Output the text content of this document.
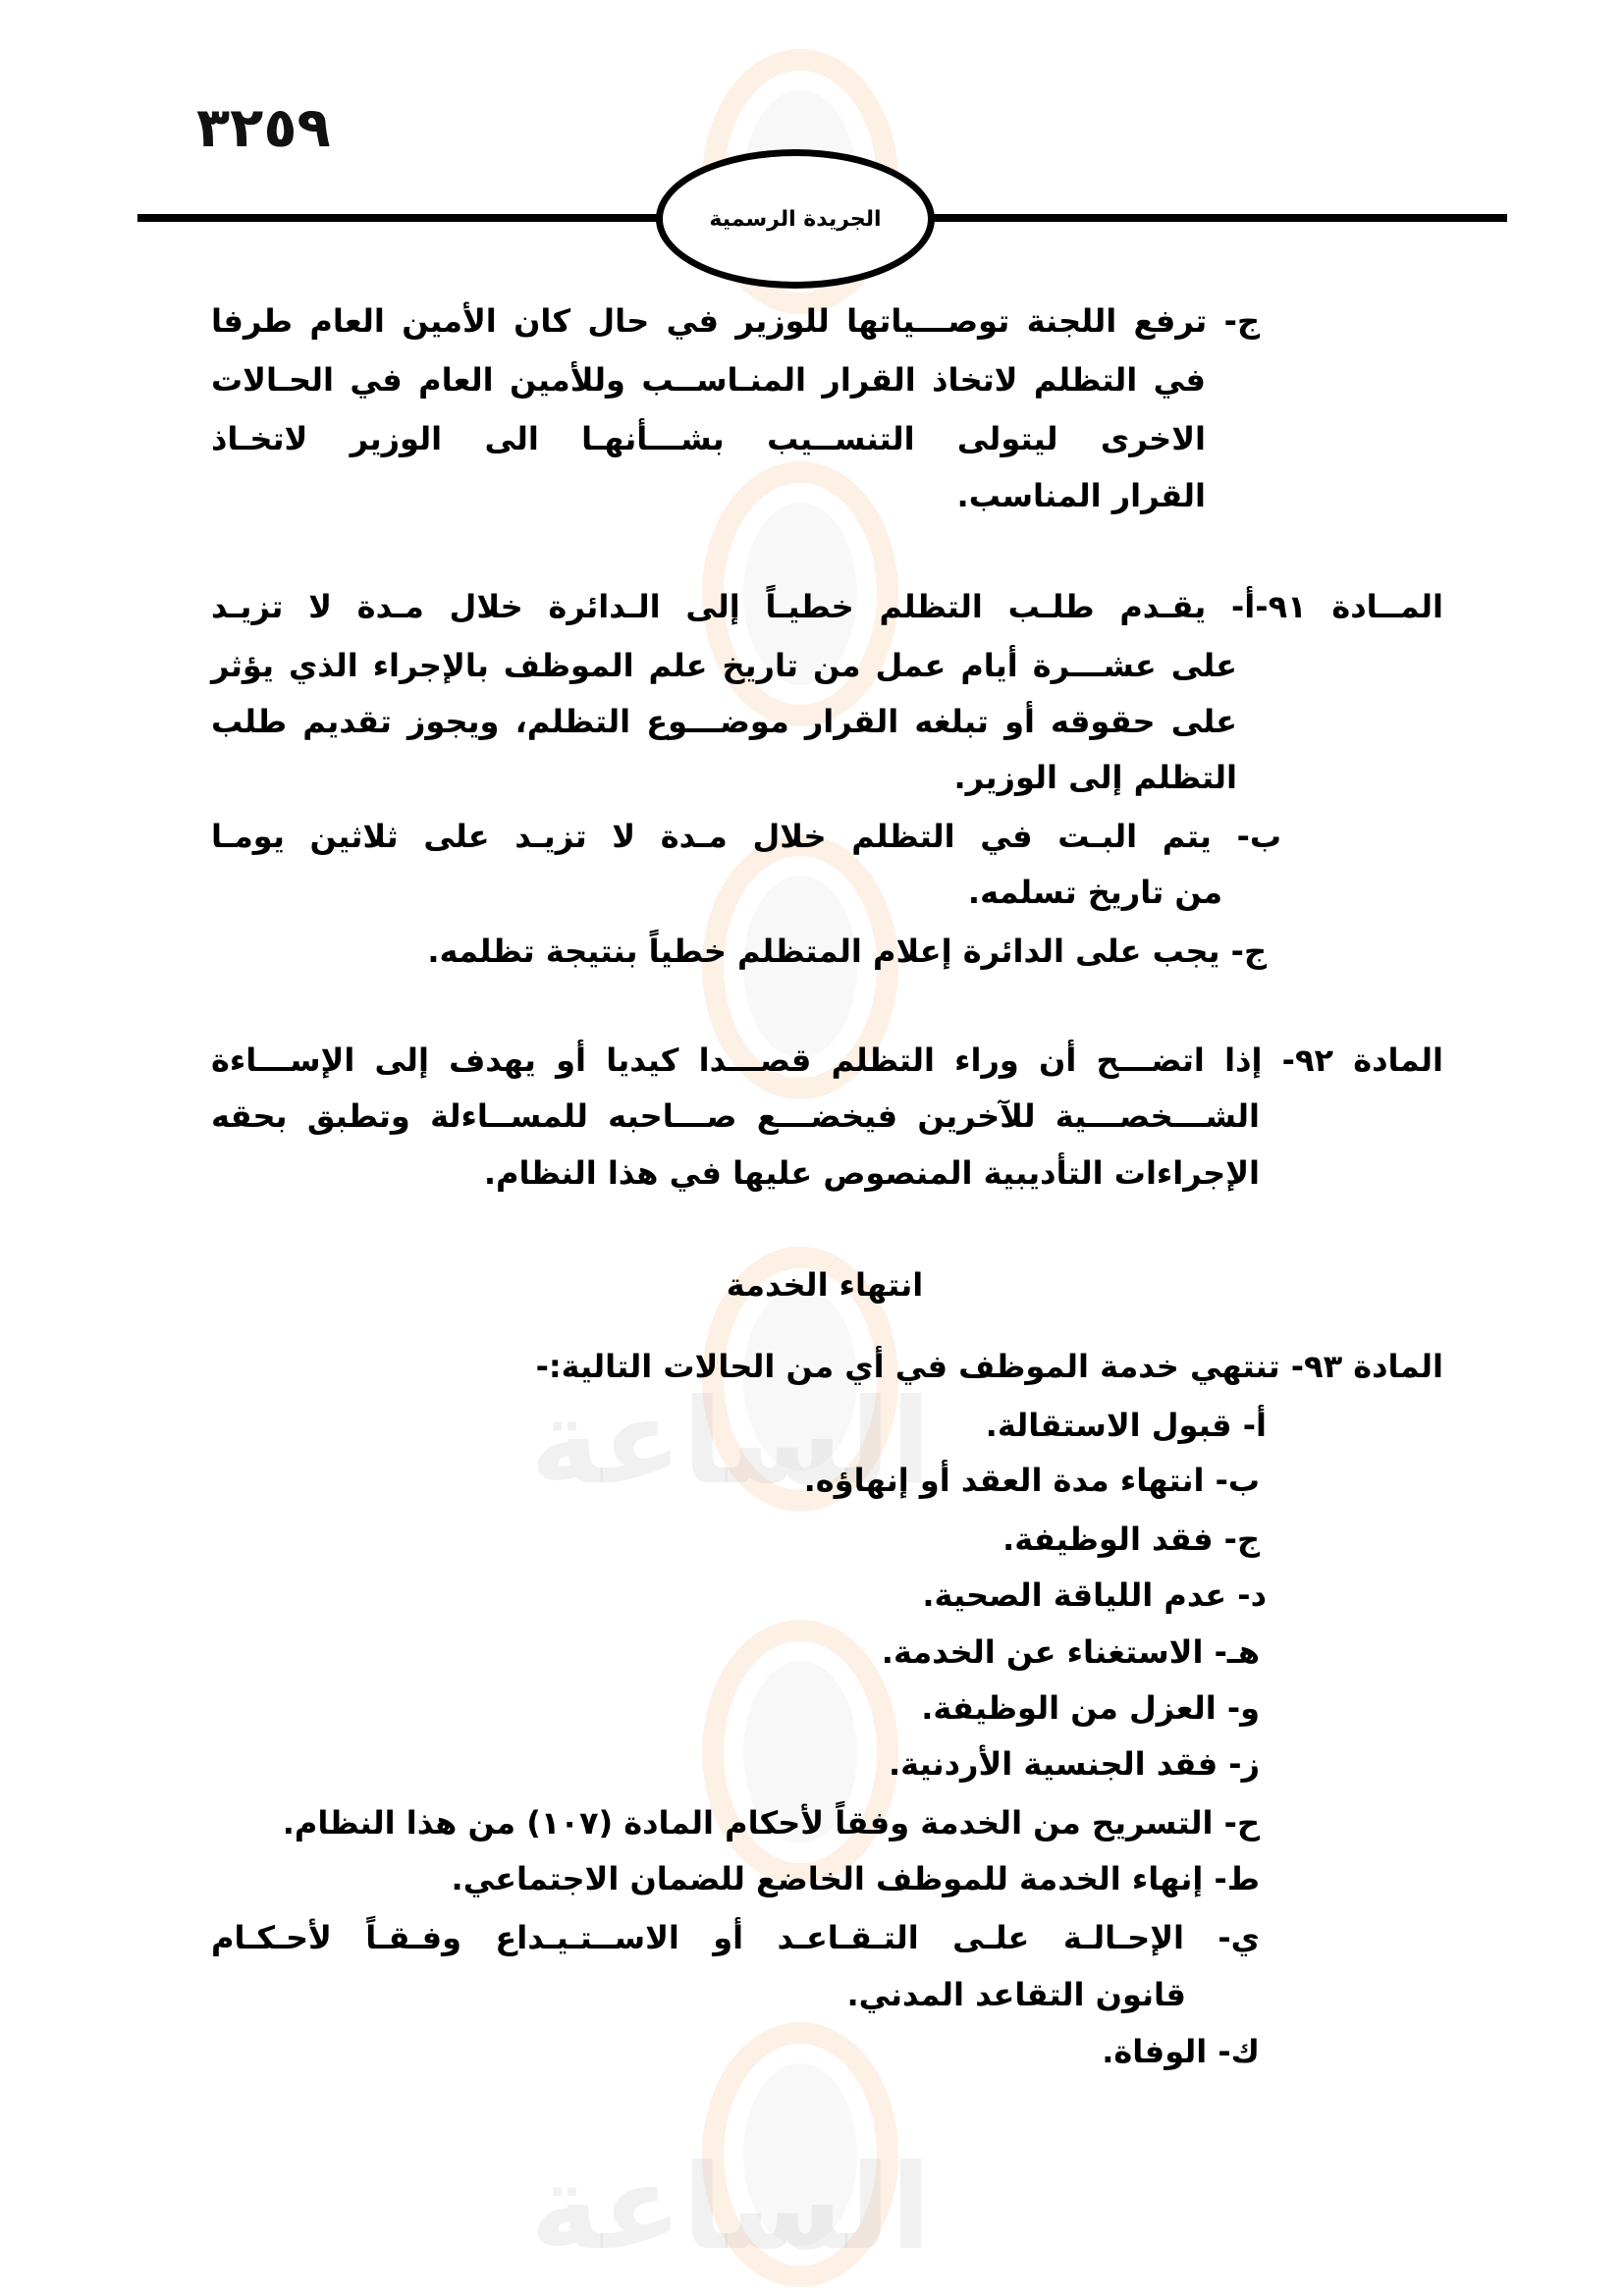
الساعة
الساعة
٣٢٥٩
الجريدة الرسمية
ج- ترفع اللجنة توصـــياتها للوزير في حال كان الأمين العام طرفا
في التظلم لاتخاذ القرار المنـاســب وللأمين العام في الحـالات
الاخرى ليتولى التنســيب بشـــأنهـا الى الوزير لاتخـاذ
القرار المناسب.
المــادة ٩١-أ- يقـدم طلـب التظلم خطيـاً إلى الـدائرة خلال مـدة لا تزيـد
على عشـــرة أيام عمل من تاريخ علم الموظف بالإجراء الذي يؤثر
على حقوقه أو تبلغه القرار موضـــوع التظلم، ويجوز تقديم طلب
التظلم إلى الوزير.
ب- يتم البـت في التظلم خلال مـدة لا تزيـد على ثلاثين يومـا
من تاريخ تسلمه.
ج- يجب على الدائرة إعلام المتظلم خطياً بنتيجة تظلمه.
المادة ٩٢- إذا اتضـــح أن وراء التظلم قصـــدا كيديا أو يهدف إلى الإســـاءة
الشـــخصـــية للآخرين فيخضـــع صـــاحبه للمســاءلة وتطبق بحقه
الإجراءات التأديبية المنصوص عليها في هذا النظام.
انتهاء الخدمة
المادة ٩٣- تنتهي خدمة الموظف في أي من الحالات التالية:-
أ- قبول الاستقالة.
ب- انتهاء مدة العقد أو إنهاؤه.
ج- فقد الوظيفة.
د- عدم اللياقة الصحية.
هـ- الاستغناء عن الخدمة.
و- العزل من الوظيفة.
ز- فقد الجنسية الأردنية.
ح- التسريح من الخدمة وفقاً لأحكام المادة (١٠٧) من هذا النظام.
ط- إنهاء الخدمة للموظف الخاضع للضمان الاجتماعي.
ي- الإحـالـة علـى التـقـاعـد أو الاســتـيـداع وفـقـاً لأحـكـام
قانون التقاعد المدني.
ك- الوفاة.
